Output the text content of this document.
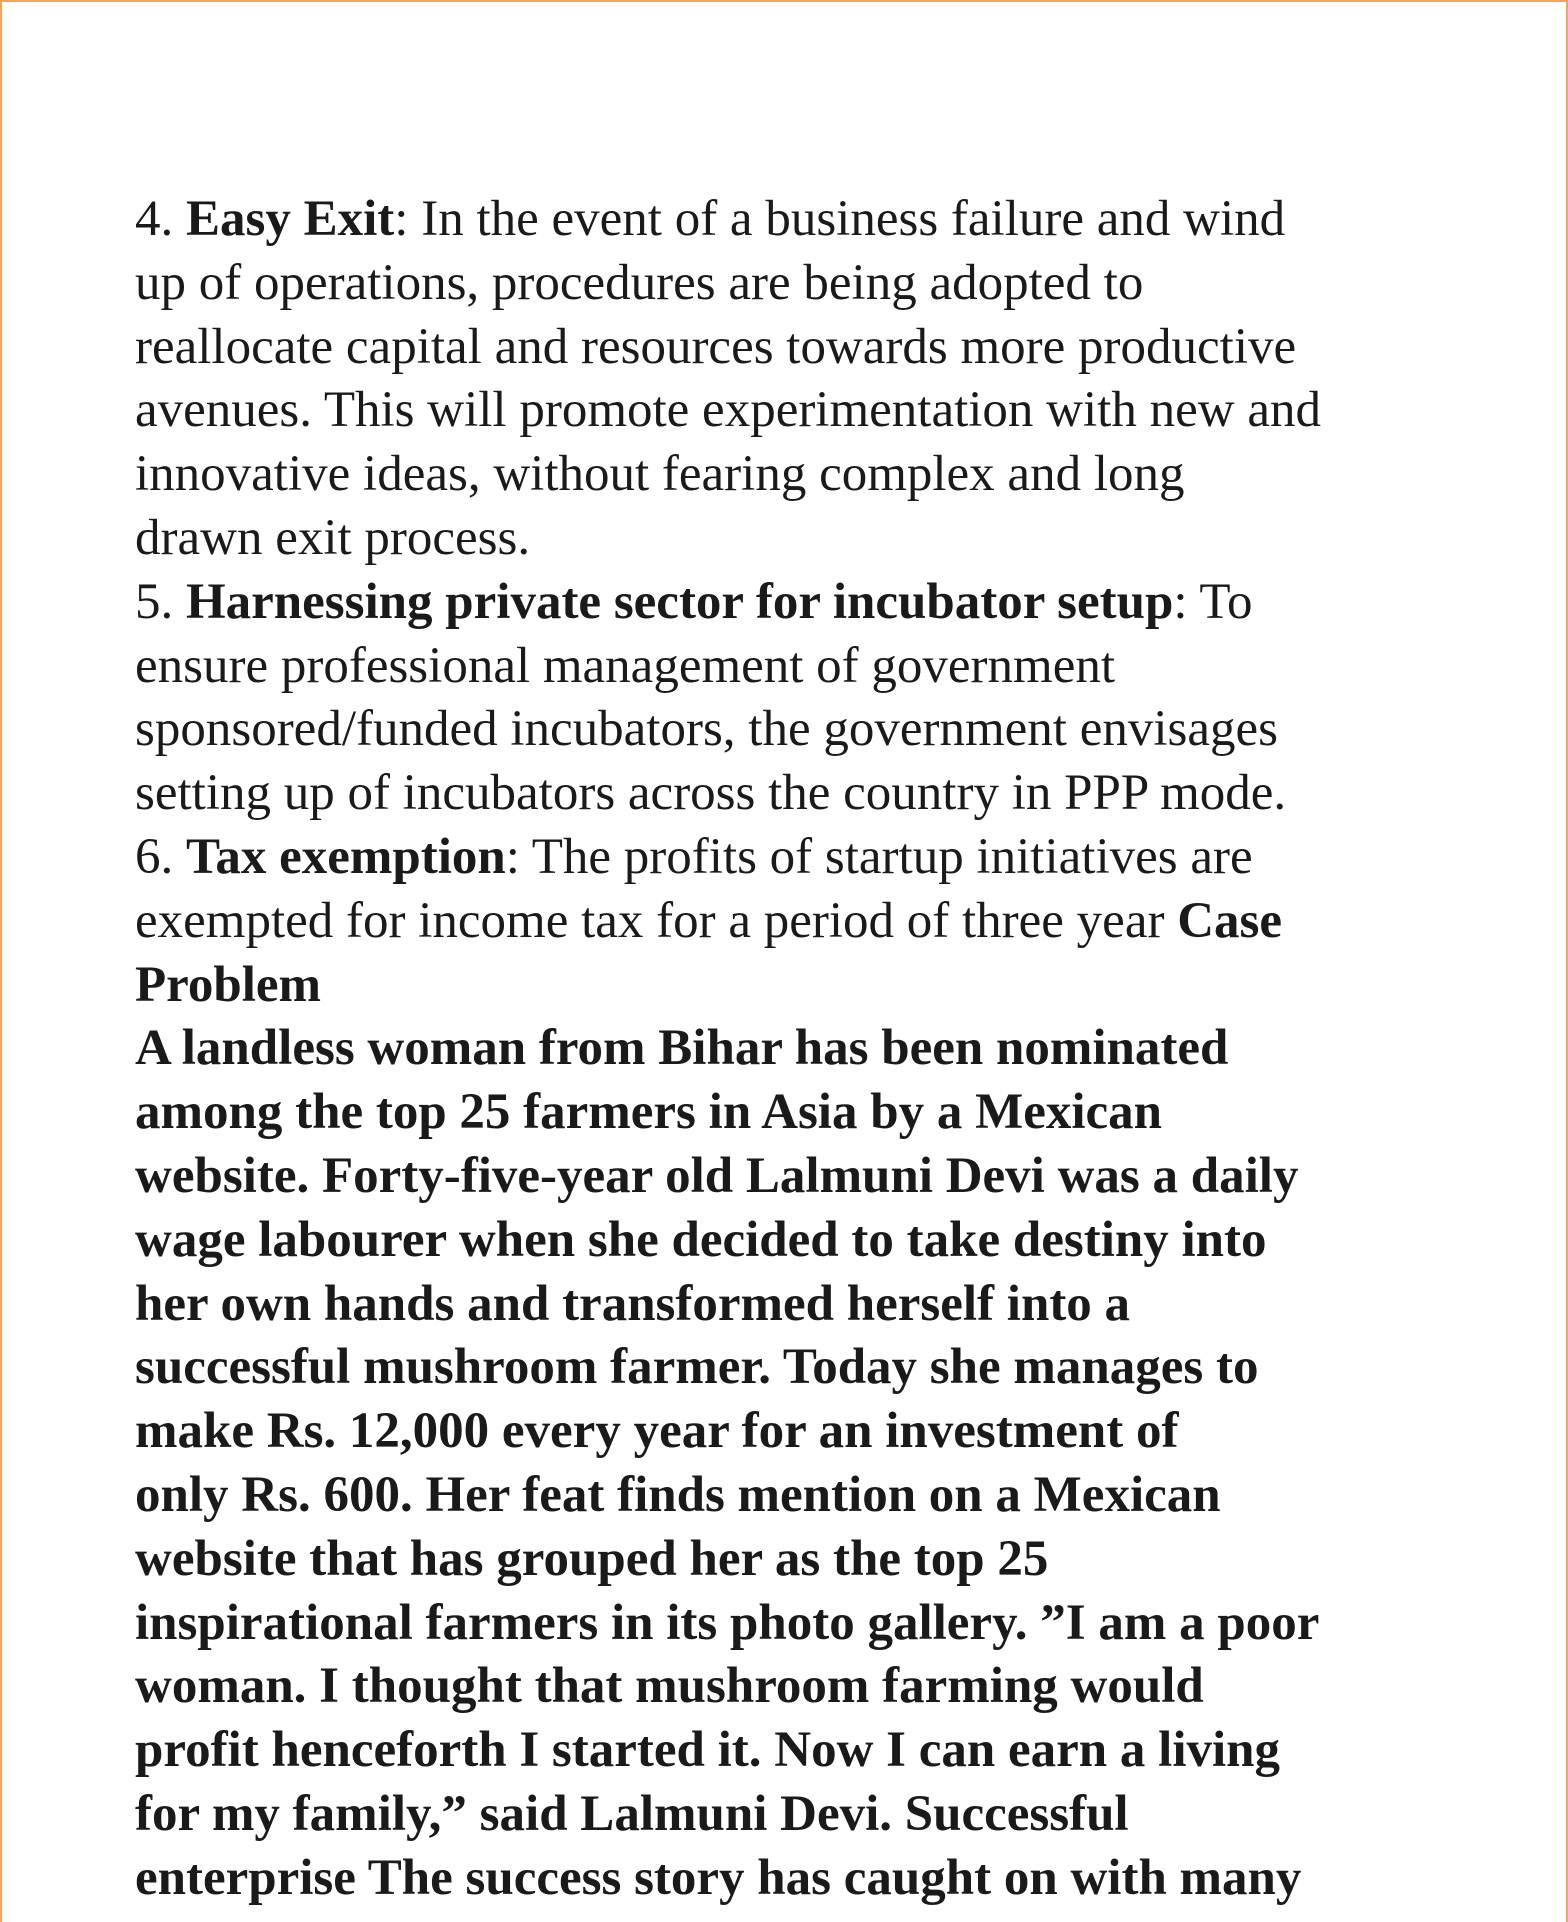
4. Easy Exit: In the event of a business failure and wind
up of operations, procedures are being adopted to
reallocate capital and resources towards more productive
avenues. This will promote experimentation with new and
innovative ideas, without fearing complex and long
drawn exit process.
5. Harnessing private sector for incubator setup: To
ensure professional management of government
sponsored/funded incubators, the government envisages
setting up of incubators across the country in PPP mode.
6. Tax exemption: The profits of startup initiatives are
exempted for income tax for a period of three year Case
Problem
A landless woman from Bihar has been nominated
among the top 25 farmers in Asia by a Mexican
website. Forty-five-year old Lalmuni Devi was a daily
wage labourer when she decided to take destiny into
her own hands and transformed herself into a
successful mushroom farmer. Today she manages to
make Rs. 12,000 every year for an investment of
only Rs. 600. Her feat finds mention on a Mexican
website that has grouped her as the top 25
inspirational farmers in its photo gallery. ”I am a poor
woman. I thought that mushroom farming would
profit henceforth I started it. Now I can earn a living
for my family,” said Lalmuni Devi. Successful
enterprise The success story has caught on with many
